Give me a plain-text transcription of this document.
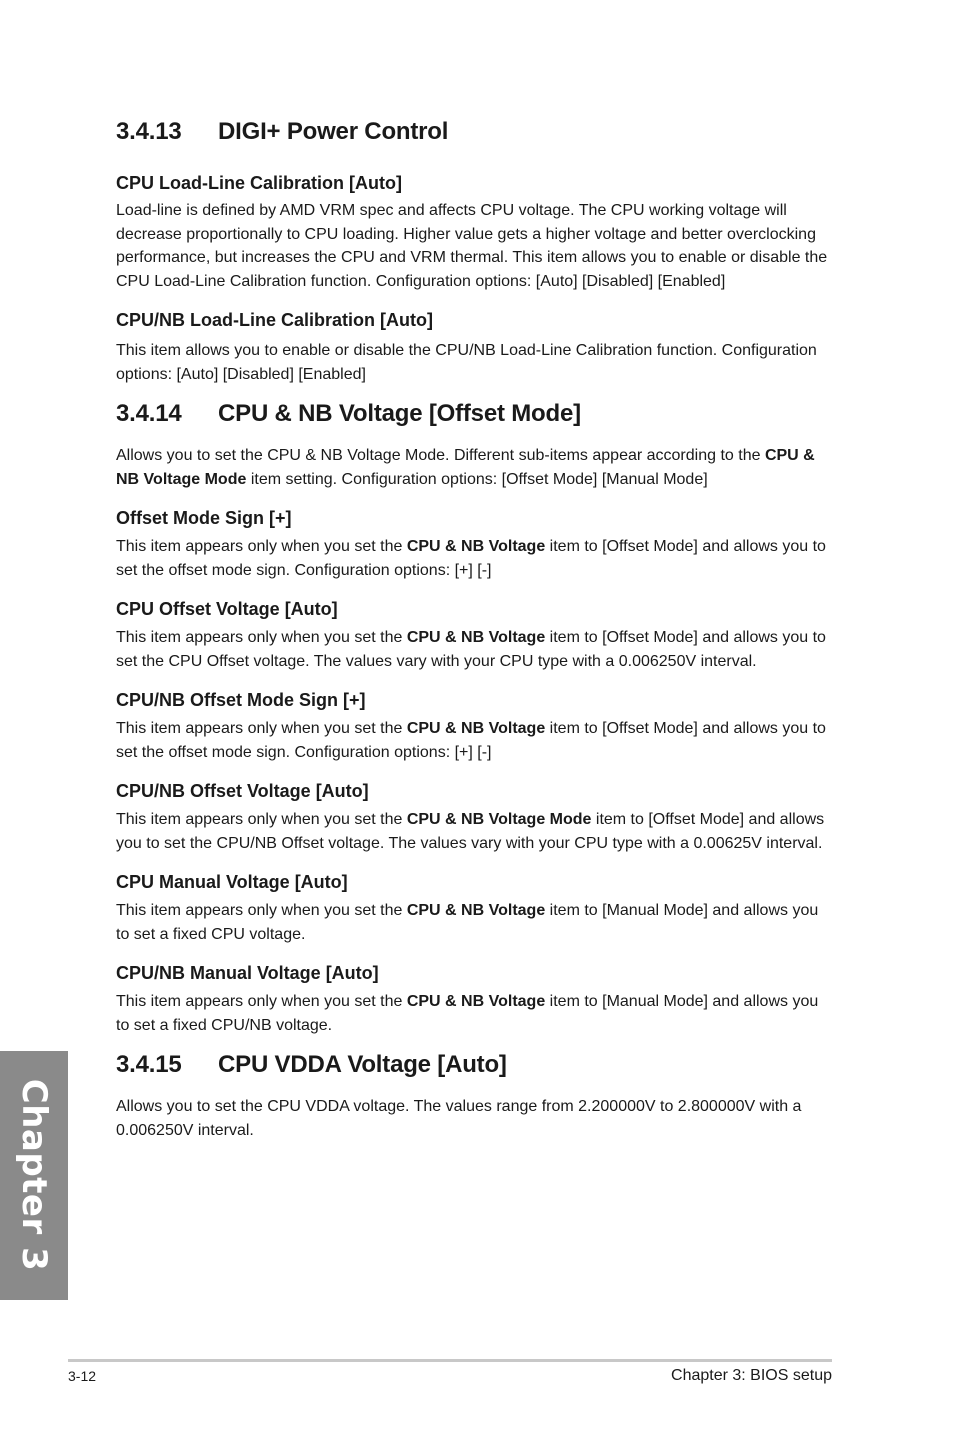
3.4.13 DIGI+ Power Control
CPU Load-Line Calibration [Auto]

Load-line is defined by AMD VRM spec and affects CPU voltage. The CPU working voltage will decrease proportionally to CPU loading. Higher value gets a higher voltage and better overclocking performance, but increases the CPU and VRM thermal. This item allows you to enable or disable the CPU Load-Line Calibration function. Configuration options: [Auto] [Disabled] [Enabled]

CPU/NB Load-Line Calibration [Auto]

This item allows you to enable or disable the CPU/NB Load-Line Calibration function. Configuration options: [Auto] [Disabled] [Enabled]

3.4.14 CPU & NB Voltage [Offset Mode]

Allows you to set the CPU & NB Voltage Mode. Different sub-items appear according to the CPU & NB Voltage Mode item setting. Configuration options: [Offset Mode] [Manual Mode]

Offset Mode Sign [+]

This item appears only when you set the CPU & NB Voltage item to [Offset Mode] and allows you to set the offset mode sign. Configuration options: [+] [-]

CPU Offset Voltage [Auto]

This item appears only when you set the CPU & NB Voltage item to [Offset Mode] and allows you to set the CPU Offset voltage. The values vary with your CPU type with a 0.006250V interval.

CPU/NB Offset Mode Sign [+]

This item appears only when you set the CPU & NB Voltage item to [Offset Mode] and allows you to set the offset mode sign. Configuration options: [+] [-]

CPU/NB Offset Voltage [Auto]

This item appears only when you set the CPU & NB Voltage Mode item to [Offset Mode] and allows you to set the CPU/NB Offset voltage. The values vary with your CPU type with a 0.00625V interval.

CPU Manual Voltage [Auto]

This item appears only when you set the CPU & NB Voltage item to [Manual Mode] and allows you to set a fixed CPU voltage.

CPU/NB Manual Voltage [Auto]

This item appears only when you set the CPU & NB Voltage item to [Manual Mode] and allows you to set a fixed CPU/NB voltage.

3.4.15 CPU VDDA Voltage [Auto]

Allows you to set the CPU VDDA voltage. The values range from 2.200000V to 2.800000V with a 0.006250V interval.

Chapter 3
3-12	Chapter 3: BIOS setup
